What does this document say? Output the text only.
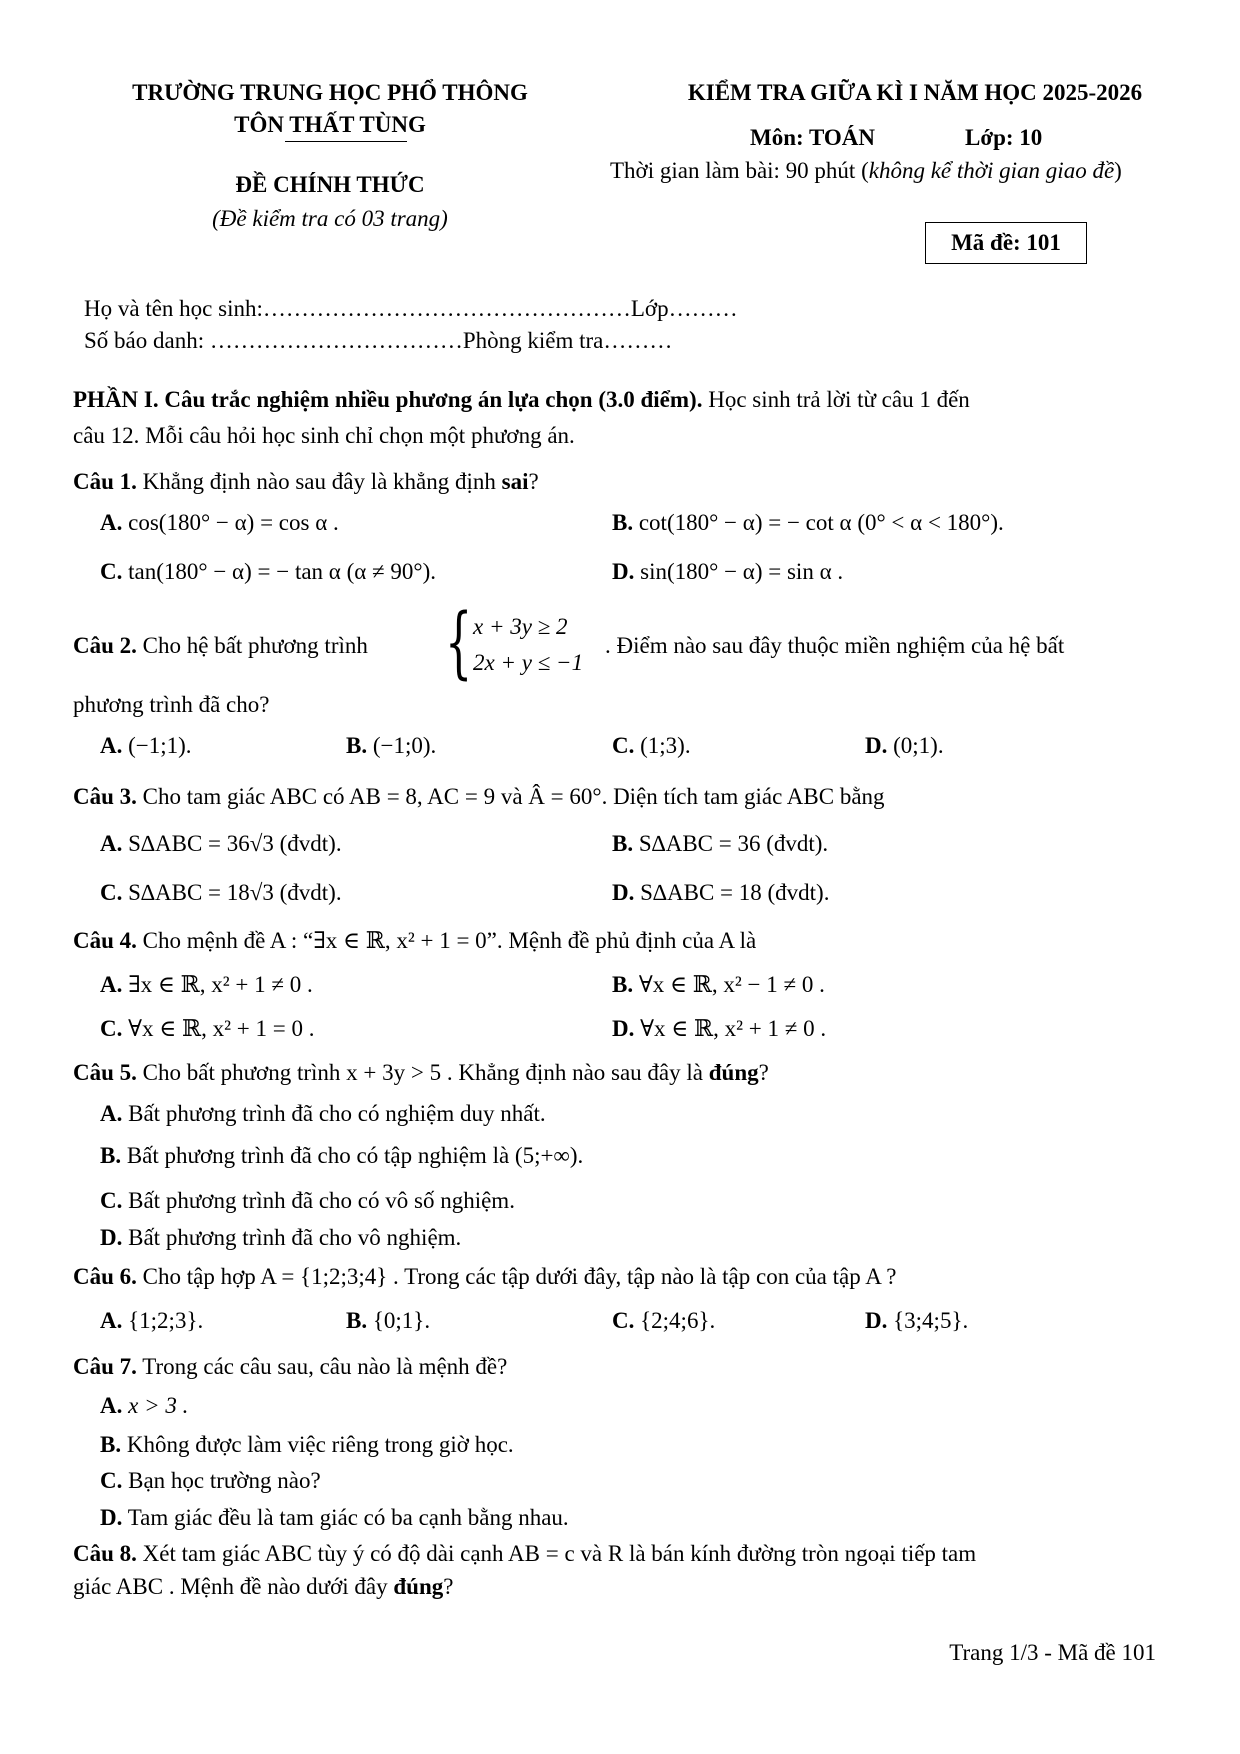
TRƯỜNG TRUNG HỌC PHỔ THÔNG
TÔN THẤT TÙNG
ĐỀ CHÍNH THỨC
(Đề kiểm tra có 03 trang)
KIỂM TRA GIỮA KÌ I NĂM HỌC 2025-2026
Môn: TOÁN	Lớp: 10
Thời gian làm bài: 90 phút (không kể thời gian giao đề)
Mã đề: 101
Họ và tên học sinh:…………………………………………Lớp………
Số báo danh: ……………………………Phòng kiểm tra………
PHẦN I. Câu trắc nghiệm nhiều phương án lựa chọn (3.0 điểm). Học sinh trả lời từ câu 1 đến
câu 12. Mỗi câu hỏi học sinh chỉ chọn một phương án.
Câu 1. Khẳng định nào sau đây là khẳng định sai?
A. cos(180° − α) = cos α .	B. cot(180° − α) = − cot α (0° < α < 180°).
C. tan(180° − α) = − tan α (α ≠ 90°).	D. sin(180° − α) = sin α .
Câu 2. Cho hệ bất phương trình { x + 3y ≥ 2
2x + y ≤ −1
. Điểm nào sau đây thuộc miền nghiệm của hệ bất
phương trình đã cho?
A. (−1;1).	B. (−1;0).	C. (1;3).	D. (0;1).
Câu 3. Cho tam giác ABC có AB = 8, AC = 9 và Â = 60°. Diện tích tam giác ABC bằng
A. S∆ABC = 36√3 (đvdt).	B. S∆ABC = 36 (đvdt).
C. S∆ABC = 18√3 (đvdt).	D. S∆ABC = 18 (đvdt).
Câu 4. Cho mệnh đề A : “∃x ∈ ℝ, x² + 1 = 0”. Mệnh đề phủ định của A là
A. ∃x ∈ ℝ, x² + 1 ≠ 0 .	B. ∀x ∈ ℝ, x² − 1 ≠ 0 .
C. ∀x ∈ ℝ, x² + 1 = 0 .	D. ∀x ∈ ℝ, x² + 1 ≠ 0 .
Câu 5. Cho bất phương trình x + 3y > 5 . Khẳng định nào sau đây là đúng?
A. Bất phương trình đã cho có nghiệm duy nhất.
B. Bất phương trình đã cho có tập nghiệm là (5;+∞).
C. Bất phương trình đã cho có vô số nghiệm.
D. Bất phương trình đã cho vô nghiệm.
Câu 6. Cho tập hợp A = {1;2;3;4} . Trong các tập dưới đây, tập nào là tập con của tập A ?
A. {1;2;3}.	B. {0;1}.	C. {2;4;6}.	D. {3;4;5}.
Câu 7. Trong các câu sau, câu nào là mệnh đề?
A. x > 3 .
B. Không được làm việc riêng trong giờ học.
C. Bạn học trường nào?
D. Tam giác đều là tam giác có ba cạnh bằng nhau.
Câu 8. Xét tam giác ABC tùy ý có độ dài cạnh AB = c và R là bán kính đường tròn ngoại tiếp tam
giác ABC . Mệnh đề nào dưới đây đúng?
Trang 1/3 - Mã đề 101
